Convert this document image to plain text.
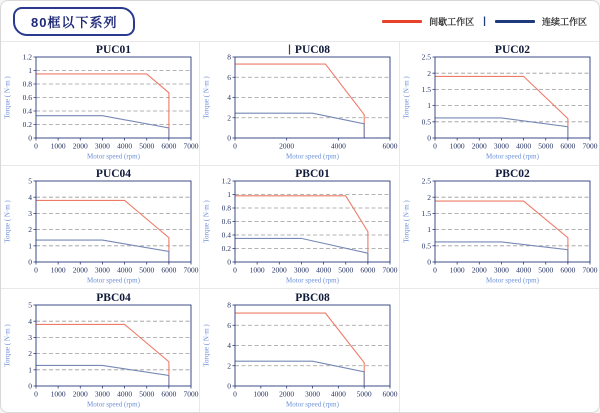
80框以下系列	间歇工作区 |	连续工作区
0
0.2
0.4
0.6
0.8
1
1.2
0 1000 2000 3000 4000 5000 6000 7000
PUC01
Motor speed (rpm)
Torque ( N·m )
0
2
4
6
8
0	2000	4000	6000
PUC08
Motor speed (rpm)
Torque ( N·m )
0
0.5
1
1.5
2
2.5
0 1000 2000 3000 4000 5000 6000 7000
PUC02
Motor speed (rpm)
Torque ( N·m )
0
1
2
3
4
5
0 1000 2000 3000 4000 5000 6000 7000
PUC04
Motor speed (rpm)
Torque ( N·m )
0
0.2
0.4
0.6
0.8
1
1.2
0 1000 2000 3000 4000 5000 6000 7000
PBC01
Motor speed (rpm)
Torque ( N·m )
0
0.5
1
1.5
2
2.5
0 1000 2000 3000 4000 5000 6000 7000
PBC02
Motor speed (rpm)
Torque ( N·m )
0
1
2
3
4
5
0 1000 2000 3000 4000 5000 6000 7000
PBC04
Motor speed (rpm)
Torque ( N·m )
0
2
4
6
8
0 1000 2000 3000 4000 5000 6000
PBC08
Motor speed (rpm)
Torque ( N·m )
